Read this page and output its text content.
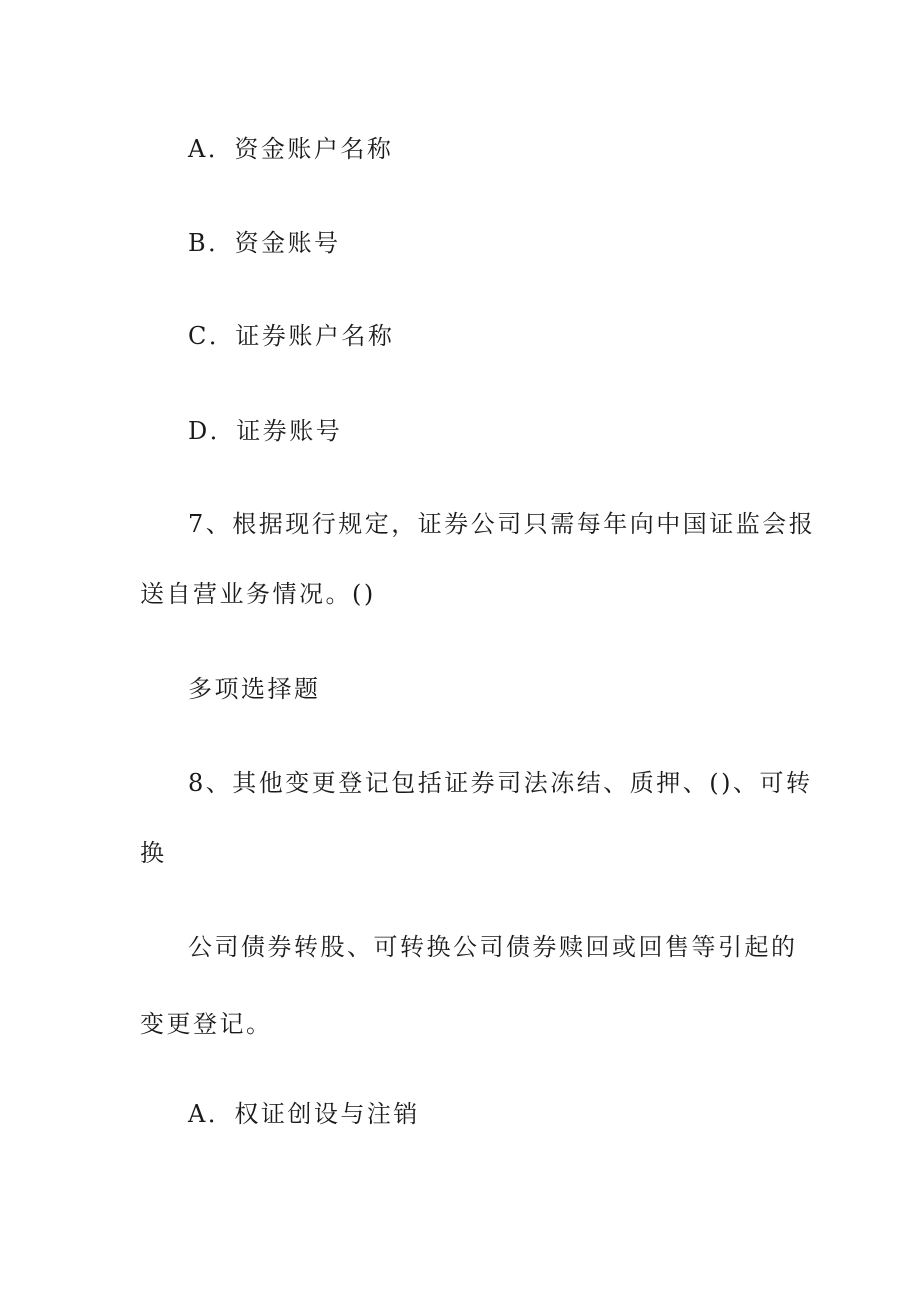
A．资金账户名称
B．资金账号
C．证券账户名称
D．证券账号
7、根据现行规定，证券公司只需每年向中国证监会报
送自营业务情况。()
多项选择题
8、其他变更登记包括证券司法冻结、质押、()、可转
换
公司债券转股、可转换公司债券赎回或回售等引起的
变更登记。
A．权证创设与注销
